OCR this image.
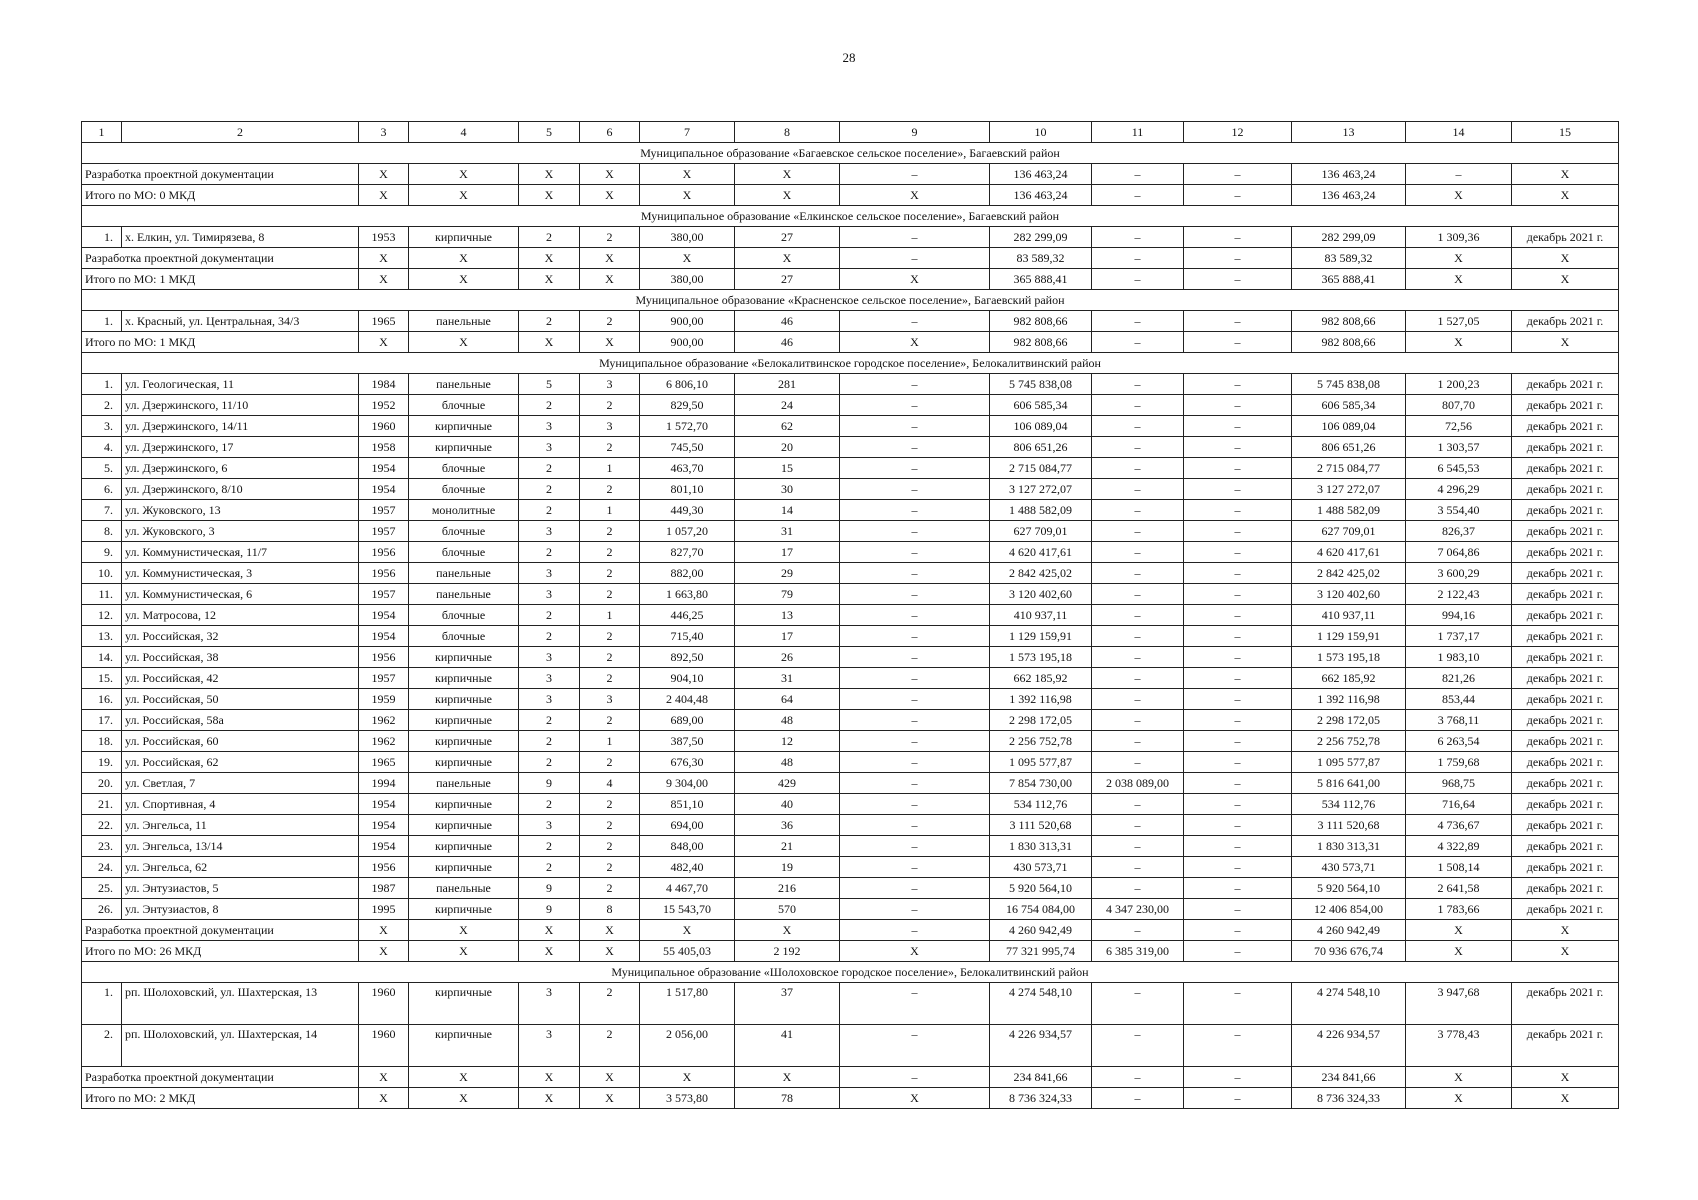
28
1	2	3	4	5	6	7	8	9	10	11	12	13	14	15
Муниципальное образование «Багаевское сельское поселение», Багаевский район														
Разработка проектной документации		X	X	X	X	X	X	–	136 463,24	–	–	136 463,24	–	X
Итого по МО: 0 МКД		X	X	X	X	X	X	X	136 463,24	–	–	136 463,24	X	X
Муниципальное образование «Елкинское сельское поселение», Багаевский район														
1.	х. Елкин, ул. Тимирязева, 8	1953	кирпичные	2	2	380,00	27	–	282 299,09	–	–	282 299,09	1 309,36	декабрь 2021 г.
Разработка проектной документации		X	X	X	X	X	X	–	83 589,32	–	–	83 589,32	X	X
Итого по МО: 1 МКД		X	X	X	X	380,00	27	X	365 888,41	–	–	365 888,41	X	X
Муниципальное образование «Красненское сельское поселение», Багаевский район														
1.	х. Красный, ул. Центральная, 34/3	1965	панельные	2	2	900,00	46	–	982 808,66	–	–	982 808,66	1 527,05	декабрь 2021 г.
Итого по МО: 1 МКД		X	X	X	X	900,00	46	X	982 808,66	–	–	982 808,66	X	X
Муниципальное образование «Белокалитвинское городское поселение», Белокалитвинский район														
1.	ул. Геологическая, 11	1984	панельные	5	3	6 806,10	281	–	5 745 838,08	–	–	5 745 838,08	1 200,23	декабрь 2021 г.
2.	ул. Дзержинского, 11/10	1952	блочные	2	2	829,50	24	–	606 585,34	–	–	606 585,34	807,70	декабрь 2021 г.
3.	ул. Дзержинского, 14/11	1960	кирпичные	3	3	1 572,70	62	–	106 089,04	–	–	106 089,04	72,56	декабрь 2021 г.
4.	ул. Дзержинского, 17	1958	кирпичные	3	2	745,50	20	–	806 651,26	–	–	806 651,26	1 303,57	декабрь 2021 г.
5.	ул. Дзержинского, 6	1954	блочные	2	1	463,70	15	–	2 715 084,77	–	–	2 715 084,77	6 545,53	декабрь 2021 г.
6.	ул. Дзержинского, 8/10	1954	блочные	2	2	801,10	30	–	3 127 272,07	–	–	3 127 272,07	4 296,29	декабрь 2021 г.
7.	ул. Жуковского, 13	1957	монолитные	2	1	449,30	14	–	1 488 582,09	–	–	1 488 582,09	3 554,40	декабрь 2021 г.
8.	ул. Жуковского, 3	1957	блочные	3	2	1 057,20	31	–	627 709,01	–	–	627 709,01	826,37	декабрь 2021 г.
9.	ул. Коммунистическая, 11/7	1956	блочные	2	2	827,70	17	–	4 620 417,61	–	–	4 620 417,61	7 064,86	декабрь 2021 г.
10.	ул. Коммунистическая, 3	1956	панельные	3	2	882,00	29	–	2 842 425,02	–	–	2 842 425,02	3 600,29	декабрь 2021 г.
11.	ул. Коммунистическая, 6	1957	панельные	3	2	1 663,80	79	–	3 120 402,60	–	–	3 120 402,60	2 122,43	декабрь 2021 г.
12.	ул. Матросова, 12	1954	блочные	2	1	446,25	13	–	410 937,11	–	–	410 937,11	994,16	декабрь 2021 г.
13.	ул. Российская, 32	1954	блочные	2	2	715,40	17	–	1 129 159,91	–	–	1 129 159,91	1 737,17	декабрь 2021 г.
14.	ул. Российская, 38	1956	кирпичные	3	2	892,50	26	–	1 573 195,18	–	–	1 573 195,18	1 983,10	декабрь 2021 г.
15.	ул. Российская, 42	1957	кирпичные	3	2	904,10	31	–	662 185,92	–	–	662 185,92	821,26	декабрь 2021 г.
16.	ул. Российская, 50	1959	кирпичные	3	3	2 404,48	64	–	1 392 116,98	–	–	1 392 116,98	853,44	декабрь 2021 г.
17.	ул. Российская, 58а	1962	кирпичные	2	2	689,00	48	–	2 298 172,05	–	–	2 298 172,05	3 768,11	декабрь 2021 г.
18.	ул. Российская, 60	1962	кирпичные	2	1	387,50	12	–	2 256 752,78	–	–	2 256 752,78	6 263,54	декабрь 2021 г.
19.	ул. Российская, 62	1965	кирпичные	2	2	676,30	48	–	1 095 577,87	–	–	1 095 577,87	1 759,68	декабрь 2021 г.
20.	ул. Светлая, 7	1994	панельные	9	4	9 304,00	429	–	7 854 730,00	2 038 089,00	–	5 816 641,00	968,75	декабрь 2021 г.
21.	ул. Спортивная, 4	1954	кирпичные	2	2	851,10	40	–	534 112,76	–	–	534 112,76	716,64	декабрь 2021 г.
22.	ул. Энгельса, 11	1954	кирпичные	3	2	694,00	36	–	3 111 520,68	–	–	3 111 520,68	4 736,67	декабрь 2021 г.
23.	ул. Энгельса, 13/14	1954	кирпичные	2	2	848,00	21	–	1 830 313,31	–	–	1 830 313,31	4 322,89	декабрь 2021 г.
24.	ул. Энгельса, 62	1956	кирпичные	2	2	482,40	19	–	430 573,71	–	–	430 573,71	1 508,14	декабрь 2021 г.
25.	ул. Энтузиастов, 5	1987	панельные	9	2	4 467,70	216	–	5 920 564,10	–	–	5 920 564,10	2 641,58	декабрь 2021 г.
26.	ул. Энтузиастов, 8	1995	кирпичные	9	8	15 543,70	570	–	16 754 084,00	4 347 230,00	–	12 406 854,00	1 783,66	декабрь 2021 г.
Разработка проектной документации		X	X	X	X	X	X	–	4 260 942,49	–	–	4 260 942,49	X	X
Итого по МО: 26 МКД		X	X	X	X	55 405,03	2 192	X	77 321 995,74	6 385 319,00	–	70 936 676,74	X	X
Муниципальное образование «Шолоховское городское поселение», Белокалитвинский район														
1.	рп. Шолоховский, ул. Шахтерская, 13	1960	кирпичные	3	2	1 517,80	37	–	4 274 548,10	–	–	4 274 548,10	3 947,68	декабрь 2021 г.
2.	рп. Шолоховский, ул. Шахтерская, 14	1960	кирпичные	3	2	2 056,00	41	–	4 226 934,57	–	–	4 226 934,57	3 778,43	декабрь 2021 г.
Разработка проектной документации		X	X	X	X	X	X	–	234 841,66	–	–	234 841,66	X	X
Итого по МО: 2 МКД		X	X	X	X	3 573,80	78	X	8 736 324,33	–	–	8 736 324,33	X	X
